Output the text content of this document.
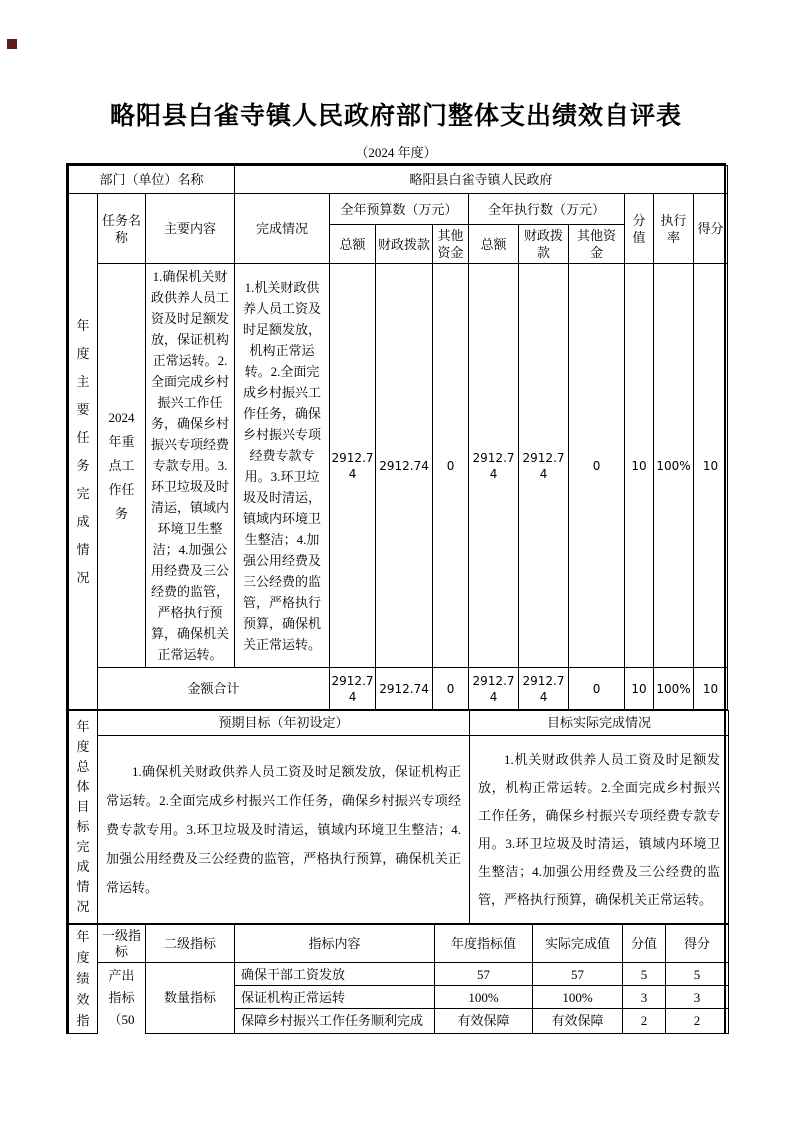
略阳县白雀寺镇人民政府部门整体支出绩效自评表
（2024 年度）
部门（单位）名称			略阳县白雀寺镇人民政府									

年度主要任务完成情况	任务名称	主要内容	完成情况	全年预算数（万元）			全年执行数（万元）			分值	执行率	得分
				总额	财政拨款	其他资金	总额	财政拨款	其他资金			
	2024年重点工作任务	1.确保机关财政供养人员工资及时足额发放，保证机构正常运转。2.全面完成乡村振兴工作任务，确保乡村振兴专项经费专款专用。3.环卫垃圾及时清运，镇域内环境卫生整洁；4.加强公用经费及三公经费的监管，严格执行预算，确保机关正常运转。	1.机关财政供养人员工资及时足额发放，机构正常运转。2.全面完成乡村振兴工作任务，确保乡村振兴专项经费专款专用。3.环卫垃圾及时清运，镇域内环境卫生整洁；4.加强公用经费及三公经费的监管，严格执行预算，确保机关正常运转。	2912.74	2912.74	0	2912.74	2912.74	0	10	100%	10
	金额合计			2912.74	2912.74	0	2912.74	2912.74	0	10	100%	10
年度总体目标完成情况	预期目标（年初设定）	目标实际完成情况
	1.确保机关财政供养人员工资及时足额发放，保证机构正常运转。2.全面完成乡村振兴工作任务，确保乡村振兴专项经费专款专用。3.环卫垃圾及时清运，镇域内环境卫生整洁；4.加强公用经费及三公经费的监管，严格执行预算，确保机关正常运转。	1.机关财政供养人员工资及时足额发放，机构正常运转。2.全面完成乡村振兴工作任务，确保乡村振兴专项经费专款专用。3.环卫垃圾及时清运，镇域内环境卫生整洁；4.加强公用经费及三公经费的监管，严格执行预算，确保机关正常运转。
年度绩效指	一级指标	二级指标	指标内容	年度指标值	实际完成值	分值	得分
	产出指标（50	数量指标	确保干部工资发放	57	57	5	5
			保证机构正常运转	100%	100%	3	3
			保障乡村振兴工作任务顺利完成	有效保障	有效保障	2	2
